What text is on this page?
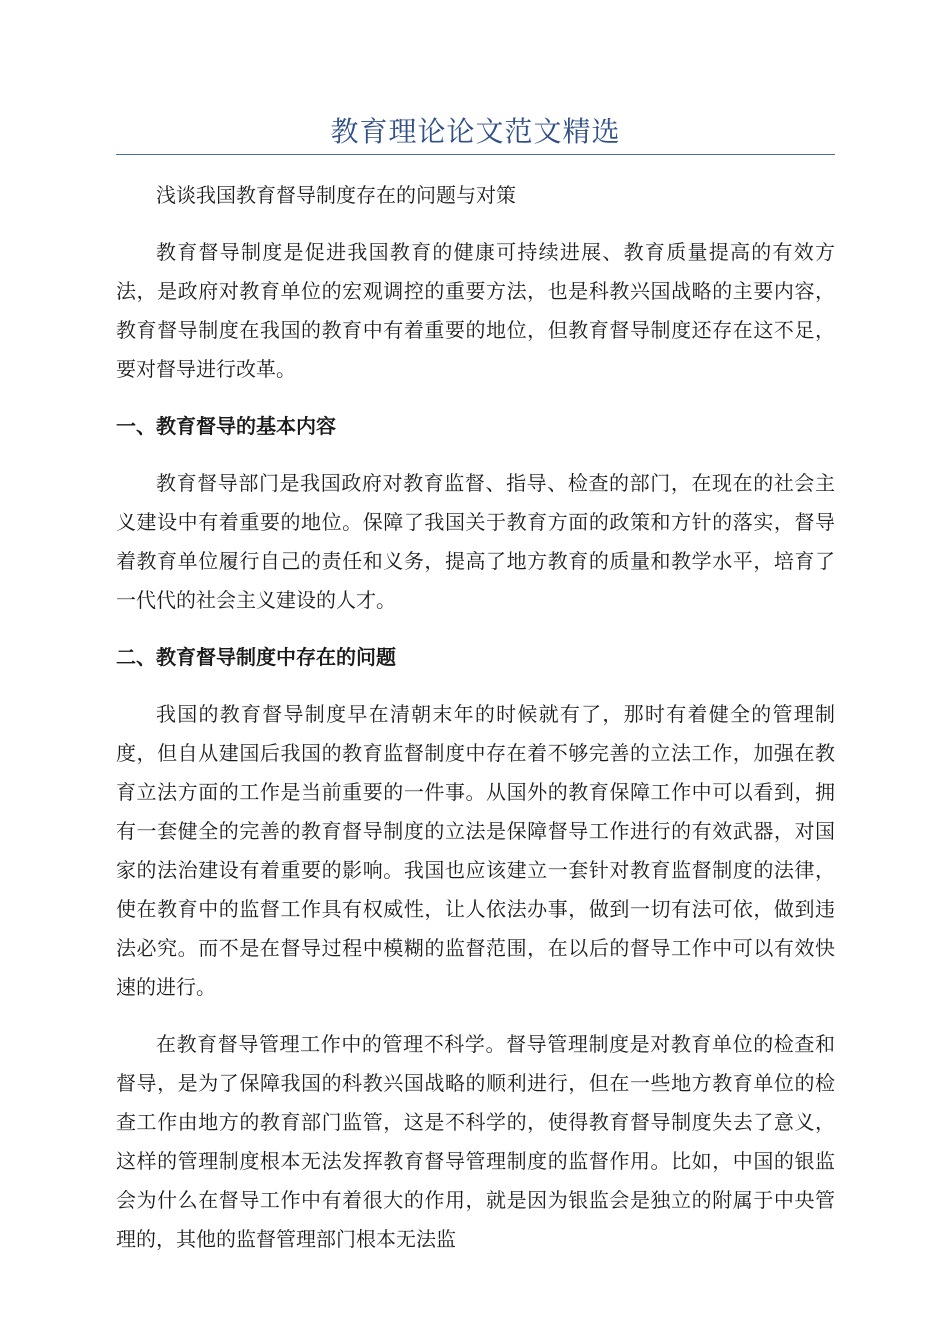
教育理论论文范文精选

浅谈我国教育督导制度存在的问题与对策

教育督导制度是促进我国教育的健康可持续进展、教育质量提高的有效方法，是政府对教育单位的宏观调控的重要方法，也是科教兴国战略的主要内容，教育督导制度在我国的教育中有着重要的地位，但教育督导制度还存在这不足，要对督导进行改革。

一、教育督导的基本内容

教育督导部门是我国政府对教育监督、指导、检查的部门，在现在的社会主义建设中有着重要的地位。保障了我国关于教育方面的政策和方针的落实，督导着教育单位履行自己的责任和义务，提高了地方教育的质量和教学水平，培育了一代代的社会主义建设的人才。

二、教育督导制度中存在的问题

我国的教育督导制度早在清朝末年的时候就有了，那时有着健全的管理制度，但自从建国后我国的教育监督制度中存在着不够完善的立法工作，加强在教育立法方面的工作是当前重要的一件事。从国外的教育保障工作中可以看到，拥有一套健全的完善的教育督导制度的立法是保障督导工作进行的有效武器，对国家的法治建设有着重要的影响。我国也应该建立一套针对教育监督制度的法律，使在教育中的监督工作具有权威性，让人依法办事，做到一切有法可依，做到违法必究。而不是在督导过程中模糊的监督范围，在以后的督导工作中可以有效快速的进行。

在教育督导管理工作中的管理不科学。督导管理制度是对教育单位的检查和督导，是为了保障我国的科教兴国战略的顺利进行，但在一些地方教育单位的检查工作由地方的教育部门监管，这是不科学的，使得教育督导制度失去了意义，这样的管理制度根本无法发挥教育督导管理制度的监督作用。比如，中国的银监会为什么在督导工作中有着很大的作用，就是因为银监会是独立的附属于中央管理的，其他的监督管理部门根本无法监
